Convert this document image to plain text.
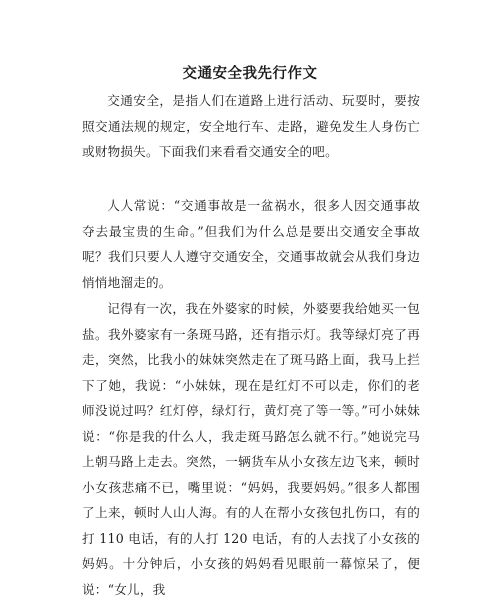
交通安全我先行作文

交通安全，是指人们在道路上进行活动、玩耍时，要按照交通法规的规定，安全地行车、走路，避免发生人身伤亡或财物损失。下面我们来看看交通安全的吧。

人人常说：“交通事故是一盆祸水，很多人因交通事故夺去最宝贵的生命。”但我们为什么总是要出交通安全事故呢？我们只要人人遵守交通安全，交通事故就会从我们身边悄悄地溜走的。

记得有一次，我在外婆家的时候，外婆要我给她买一包盐。我外婆家有一条斑马路，还有指示灯。我等绿灯亮了再走，突然，比我小的妹妹突然走在了斑马路上面，我马上拦下了她，我说：“小妹妹，现在是红灯不可以走，你们的老师没说过吗？红灯停，绿灯行，黄灯亮了等一等。”可小妹妹说：“你是我的什么人，我走斑马路怎么就不行。”她说完马上朝马路上走去。突然，一辆货车从小女孩左边飞来，顿时小女孩悲痛不已，嘴里说：“妈妈，我要妈妈。”很多人都围了上来，顿时人山人海。有的人在帮小女孩包扎伤口，有的打 110 电话，有的人打 120 电话，有的人去找了小女孩的妈妈。十分钟后，小女孩的妈妈看见眼前一幕惊呆了，便说：“女儿，我
